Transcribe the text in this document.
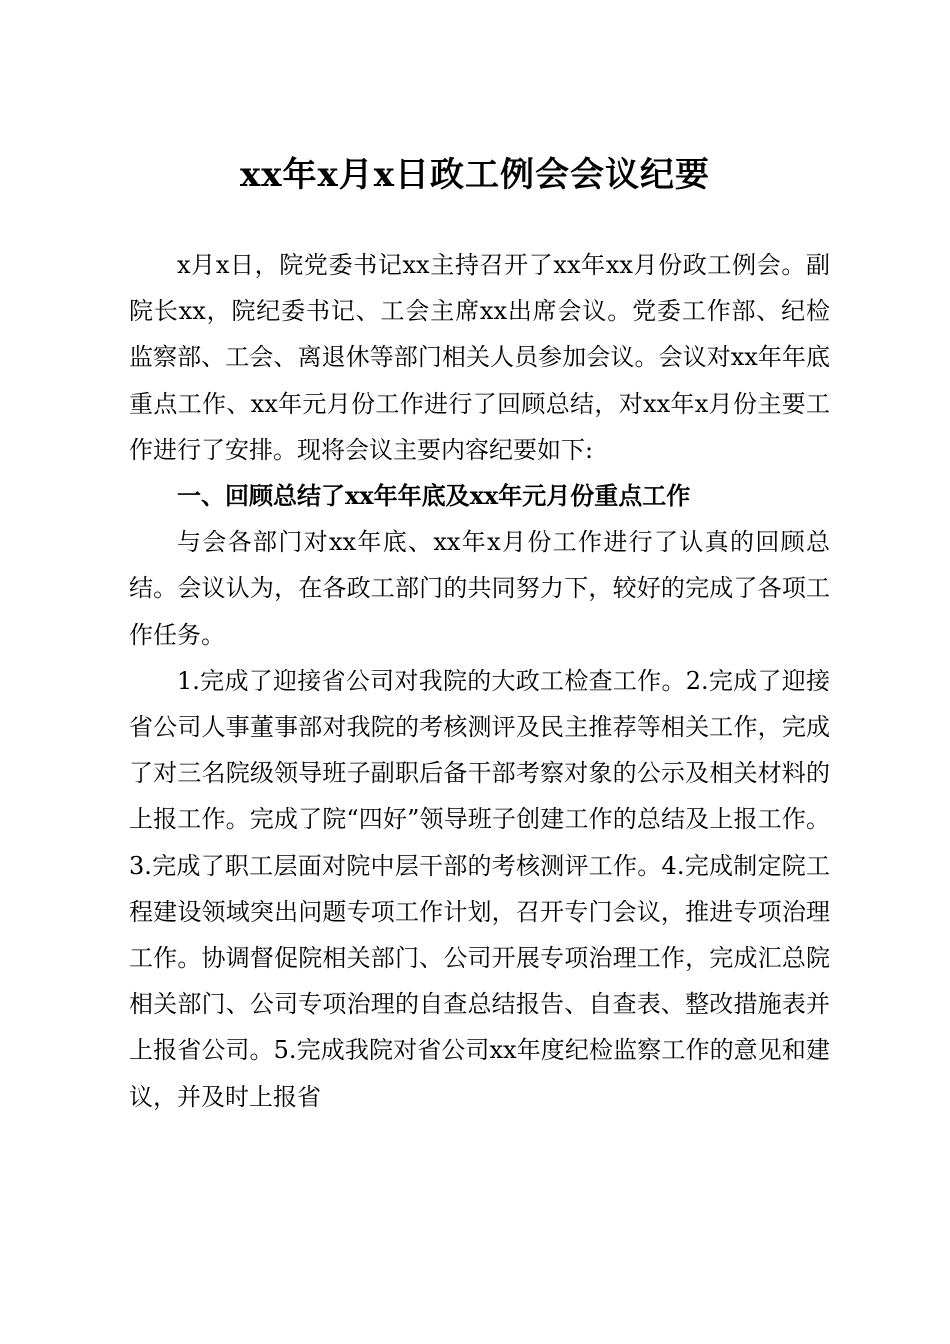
xx年x月x日政工例会会议纪要

x月x日，院党委书记xx主持召开了xx年xx月份政工例会。副院长xx，院纪委书记、工会主席xx出席会议。党委工作部、纪检监察部、工会、离退休等部门相关人员参加会议。会议对xx年年底重点工作、xx年元月份工作进行了回顾总结，对xx年x月份主要工作进行了安排。现将会议主要内容纪要如下:

一、回顾总结了xx年年底及xx年元月份重点工作

与会各部门对xx年底、xx年x月份工作进行了认真的回顾总结。会议认为，在各政工部门的共同努力下，较好的完成了各项工作任务。

1.完成了迎接省公司对我院的大政工检查工作。2.完成了迎接省公司人事董事部对我院的考核测评及民主推荐等相关工作，完成了对三名院级领导班子副职后备干部考察对象的公示及相关材料的上报工作。完成了院“四好”领导班子创建工作的总结及上报工作。3.完成了职工层面对院中层干部的考核测评工作。4.完成制定院工程建设领域突出问题专项工作计划，召开专门会议，推进专项治理工作。协调督促院相关部门、公司开展专项治理工作，完成汇总院相关部门、公司专项治理的自查总结报告、自查表、整改措施表并上报省公司。5.完成我院对省公司xx年度纪检监察工作的意见和建议，并及时上报省
